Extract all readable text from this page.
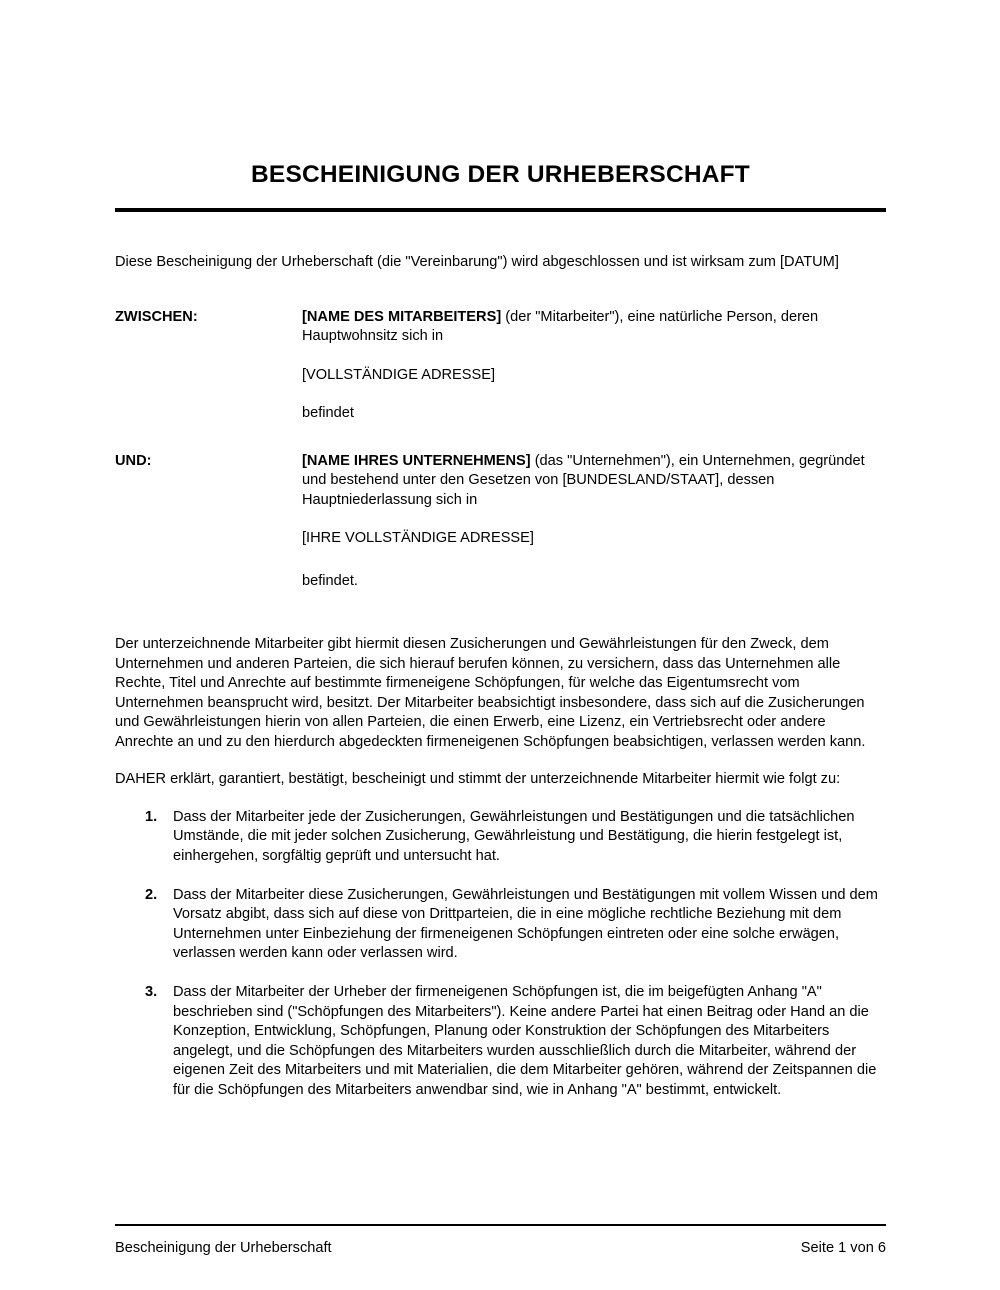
BESCHEINIGUNG DER URHEBERSCHAFT

Diese Bescheinigung der Urheberschaft (die "Vereinbarung") wird abgeschlossen und ist wirksam zum [DATUM]

ZWISCHEN:	[NAME DES MITARBEITERS] (der "Mitarbeiter"), eine natürliche Person, deren Hauptwohnsitz sich in

[VOLLSTÄNDIGE ADRESSE]

befindet

UND:	[NAME IHRES UNTERNEHMENS] (das "Unternehmen"), ein Unternehmen, gegründet und bestehend unter den Gesetzen von [BUNDESLAND/STAAT], dessen Hauptniederlassung sich in

[IHRE VOLLSTÄNDIGE ADRESSE]

befindet.

Der unterzeichnende Mitarbeiter gibt hiermit diesen Zusicherungen und Gewährleistungen für den Zweck, dem Unternehmen und anderen Parteien, die sich hierauf berufen können, zu versichern, dass das Unternehmen alle Rechte, Titel und Anrechte auf bestimmte firmeneigene Schöpfungen, für welche das Eigentumsrecht vom Unternehmen beansprucht wird, besitzt. Der Mitarbeiter beabsichtigt insbesondere, dass sich auf die Zusicherungen und Gewährleistungen hierin von allen Parteien, die einen Erwerb, eine Lizenz, ein Vertriebsrecht oder andere Anrechte an und zu den hierdurch abgedeckten firmeneigenen Schöpfungen beabsichtigen, verlassen werden kann.

DAHER erklärt, garantiert, bestätigt, bescheinigt und stimmt der unterzeichnende Mitarbeiter hiermit wie folgt zu:

1. Dass der Mitarbeiter jede der Zusicherungen, Gewährleistungen und Bestätigungen und die tatsächlichen Umstände, die mit jeder solchen Zusicherung, Gewährleistung und Bestätigung, die hierin festgelegt ist, einhergehen, sorgfältig geprüft und untersucht hat.
2. Dass der Mitarbeiter diese Zusicherungen, Gewährleistungen und Bestätigungen mit vollem Wissen und dem Vorsatz abgibt, dass sich auf diese von Drittparteien, die in eine mögliche rechtliche Beziehung mit dem Unternehmen unter Einbeziehung der firmeneigenen Schöpfungen eintreten oder eine solche erwägen, verlassen werden kann oder verlassen wird.
3. Dass der Mitarbeiter der Urheber der firmeneigenen Schöpfungen ist, die im beigefügten Anhang "A" beschrieben sind ("Schöpfungen des Mitarbeiters"). Keine andere Partei hat einen Beitrag oder Hand an die Konzeption, Entwicklung, Schöpfungen, Planung oder Konstruktion der Schöpfungen des Mitarbeiters angelegt, und die Schöpfungen des Mitarbeiters wurden ausschließlich durch die Mitarbeiter, während der eigenen Zeit des Mitarbeiters und mit Materialien, die dem Mitarbeiter gehören, während der Zeitspannen die für die Schöpfungen des Mitarbeiters anwendbar sind, wie in Anhang "A" bestimmt, entwickelt.
Bescheinigung der Urheberschaft	Seite 1 von 6
